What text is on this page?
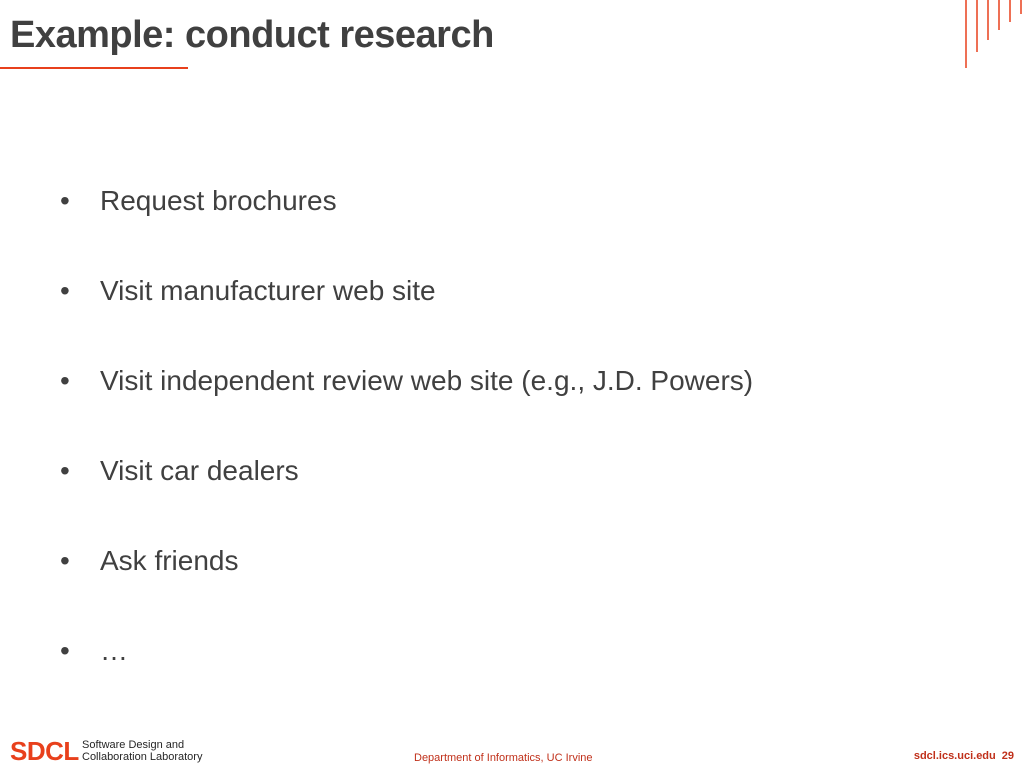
Example: conduct research
•	Request brochures
•	Visit manufacturer web site
•	Visit independent review web site (e.g., J.D. Powers)
•	Visit car dealers
•	Ask friends
•	…
SDCL Software Design and
Collaboration Laboratory	Department of Informatics, UC Irvine	sdcl.ics.uci.edu 29
